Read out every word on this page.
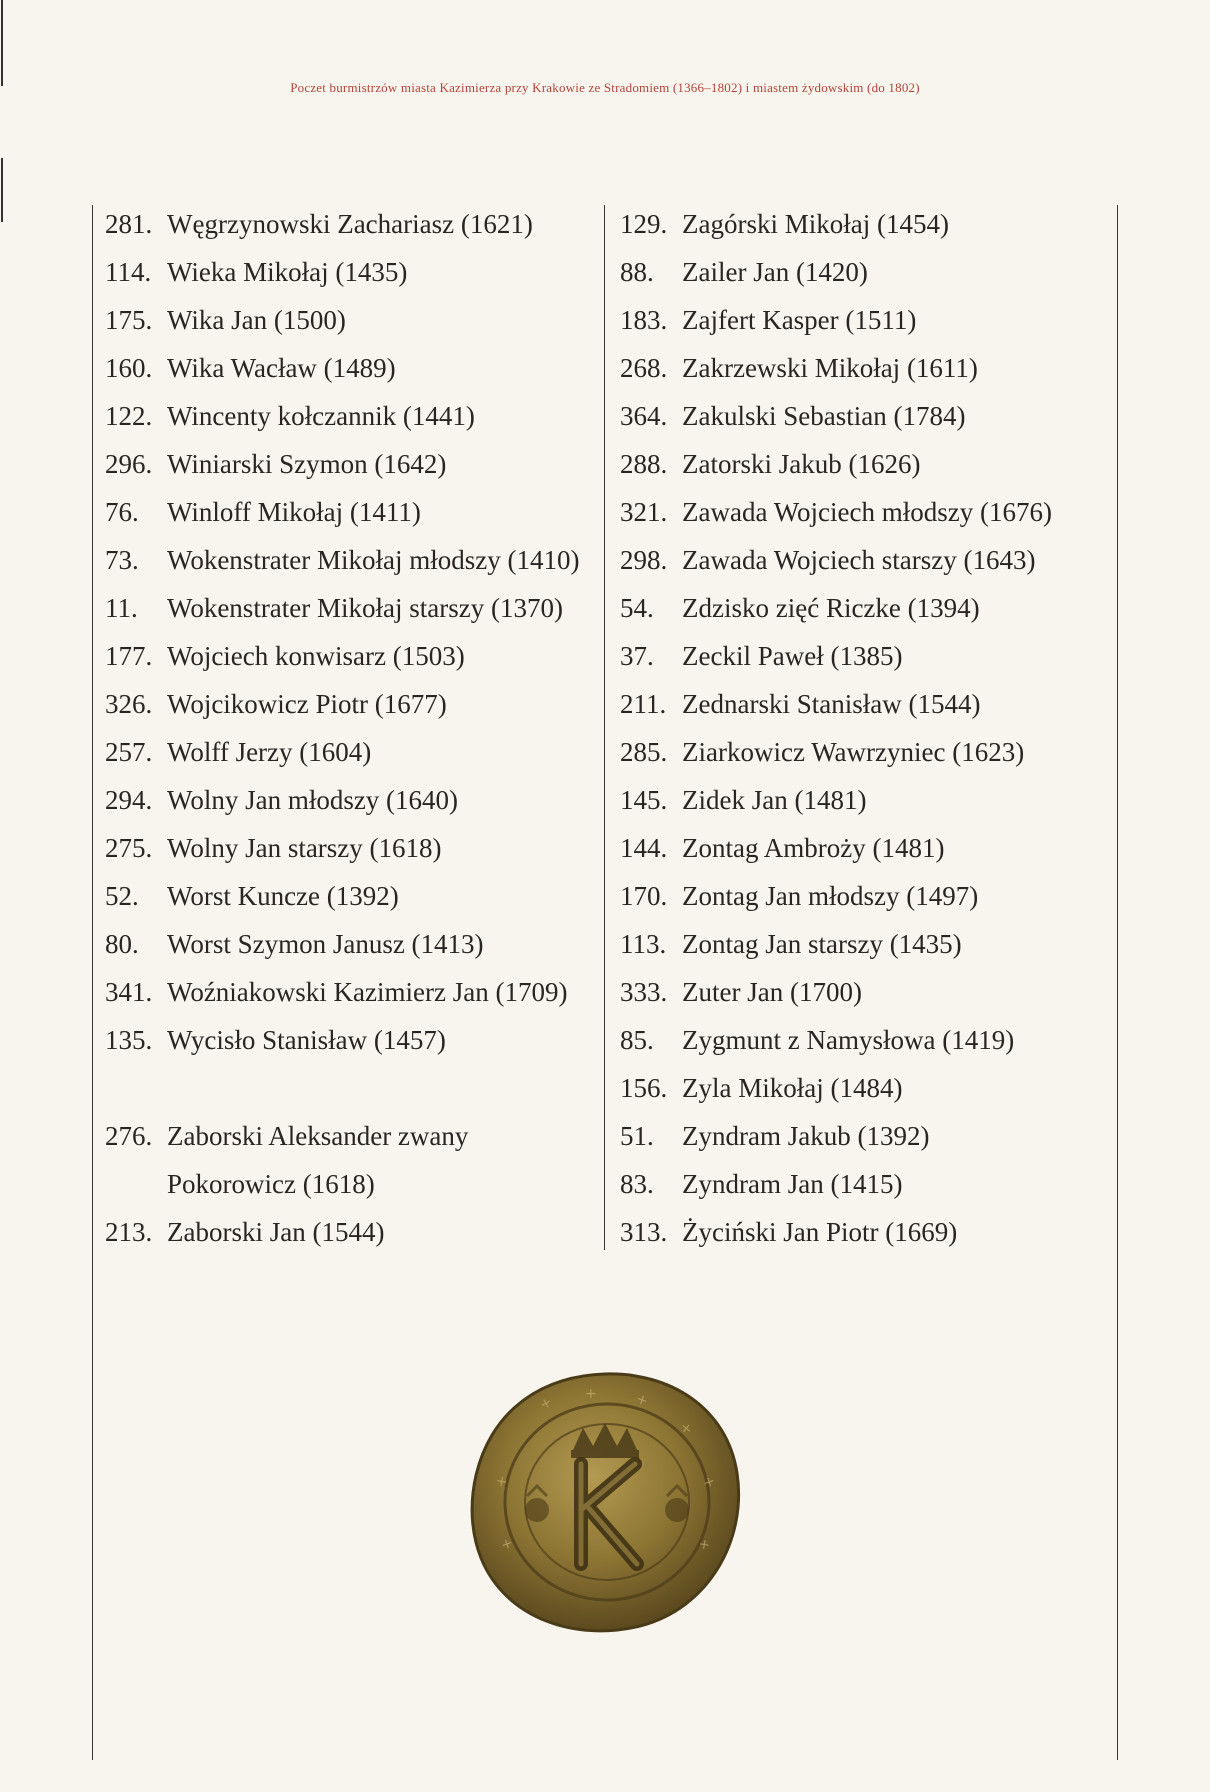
Poczet burmistrzów miasta Kazimierza przy Krakowie ze Stradomiem (1366–1802) i miastem żydowskim (do 1802)
281. Węgrzynowski Zachariasz (1621)
114. Wieka Mikołaj (1435)
175. Wika Jan (1500)
160. Wika Wacław (1489)
122. Wincenty kołczannik (1441)
296. Winiarski Szymon (1642)
76.	Winloff Mikołaj (1411)
73.	Wokenstrater Mikołaj młodszy (1410)
11.	Wokenstrater Mikołaj starszy (1370)
177. Wojciech konwisarz (1503)
326. Wojcikowicz Piotr (1677)
257. Wolff Jerzy (1604)
294. Wolny Jan młodszy (1640)
275. Wolny Jan starszy (1618)
52.	Worst Kuncze (1392)
80.	Worst Szymon Janusz (1413)
341. Woźniakowski Kazimierz Jan (1709)
135. Wycisło Stanisław (1457)
276. Zaborski Aleksander zwany Pokorowicz (1618)
213. Zaborski Jan (1544)
129. Zagórski Mikołaj (1454)
88.	Zailer Jan (1420)
183. Zajfert Kasper (1511)
268. Zakrzewski Mikołaj (1611)
364. Zakulski Sebastian (1784)
288. Zatorski Jakub (1626)
321. Zawada Wojciech młodszy (1676)
298. Zawada Wojciech starszy (1643)
54.	Zdzisko zięć Riczke (1394)
37.	Zeckil Paweł (1385)
211. Zednarski Stanisław (1544)
285. Ziarkowicz Wawrzyniec (1623)
145. Zidek Jan (1481)
144. Zontag Ambroży (1481)
170. Zontag Jan młodszy (1497)
113. Zontag Jan starszy (1435)
333. Zuter Jan (1700)
85.	Zygmunt z Namysłowa (1419)
156. Zyla Mikołaj (1484)
51.	Zyndram Jakub (1392)
83.	Zyndram Jan (1415)
313. Życiński Jan Piotr (1669)
+ +	+
+
+
+
+
+
